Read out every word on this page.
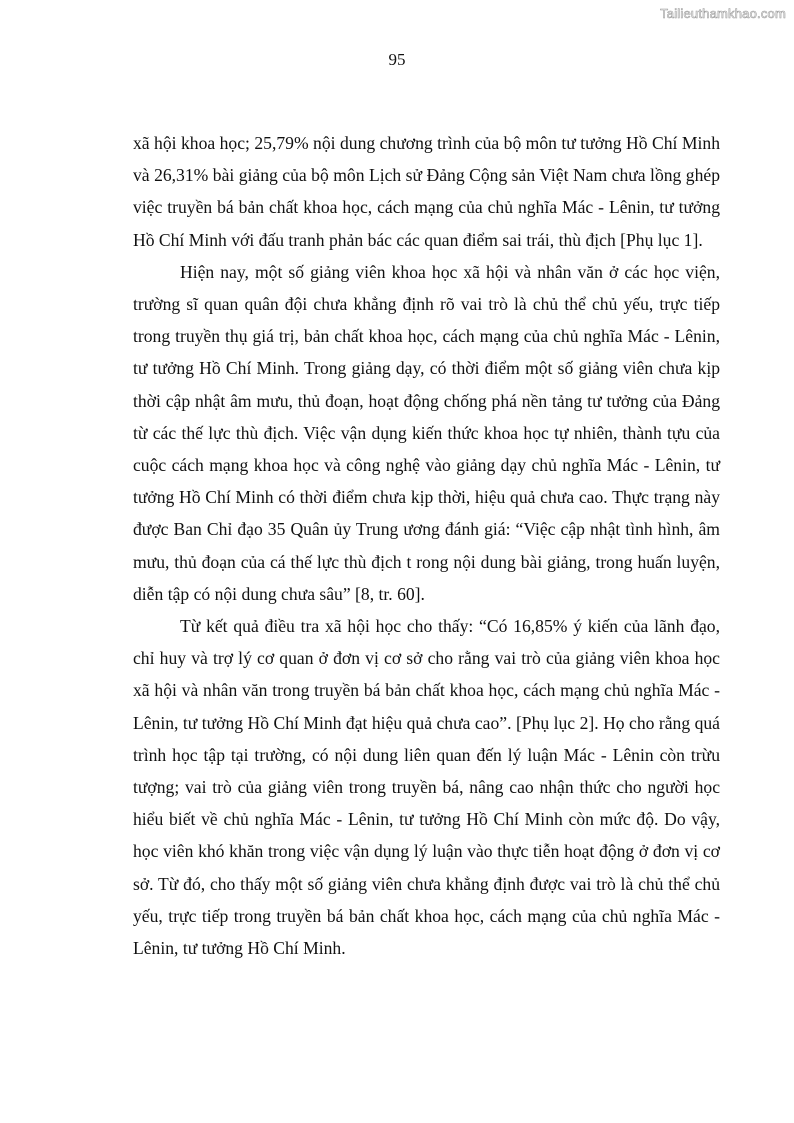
Tailieuthamkhao.com
95

xã hội khoa học; 25,79% nội dung chương trình của bộ môn tư tưởng Hồ Chí Minh và 26,31% bài giảng của bộ môn Lịch sử Đảng Cộng sản Việt Nam chưa lồng ghép việc truyền bá bản chất khoa học, cách mạng của chủ nghĩa Mác - Lênin, tư tưởng Hồ Chí Minh với đấu tranh phản bác các quan điểm sai trái, thù địch [Phụ lục 1].

Hiện nay, một số giảng viên khoa học xã hội và nhân văn ở các học viện, trường sĩ quan quân đội chưa khẳng định rõ vai trò là chủ thể chủ yếu, trực tiếp trong truyền thụ giá trị, bản chất khoa học, cách mạng của chủ nghĩa Mác - Lênin, tư tưởng Hồ Chí Minh. Trong giảng dạy, có thời điểm một số giảng viên chưa kịp thời cập nhật âm mưu, thủ đoạn, hoạt động chống phá nền tảng tư tưởng của Đảng từ các thế lực thù địch. Việc vận dụng kiến thức khoa học tự nhiên, thành tựu của cuộc cách mạng khoa học và công nghệ vào giảng dạy chủ nghĩa Mác - Lênin, tư tưởng Hồ Chí Minh có thời điểm chưa kịp thời, hiệu quả chưa cao. Thực trạng này được Ban Chỉ đạo 35 Quân ủy Trung ương đánh giá: “Việc cập nhật tình hình, âm mưu, thủ đoạn của cá thế lực thù địch t rong nội dung bài giảng, trong huấn luyện, diễn tập có nội dung chưa sâu” [8, tr. 60].

Từ kết quả điều tra xã hội học cho thấy: “Có 16,85% ý kiến của lãnh đạo, chỉ huy và trợ lý cơ quan ở đơn vị cơ sở cho rằng vai trò của giảng viên khoa học xã hội và nhân văn trong truyền bá bản chất khoa học, cách mạng chủ nghĩa Mác - Lênin, tư tưởng Hồ Chí Minh đạt hiệu quả chưa cao”. [Phụ lục 2]. Họ cho rằng quá trình học tập tại trường, có nội dung liên quan đến lý luận Mác - Lênin còn trừu tượng; vai trò của giảng viên trong truyền bá, nâng cao nhận thức cho người học hiểu biết về chủ nghĩa Mác - Lênin, tư tưởng Hồ Chí Minh còn mức độ. Do vậy, học viên khó khăn trong việc vận dụng lý luận vào thực tiễn hoạt động ở đơn vị cơ sở. Từ đó, cho thấy một số giảng viên chưa khẳng định được vai trò là chủ thể chủ yếu, trực tiếp trong truyền bá bản chất khoa học, cách mạng của chủ nghĩa Mác - Lênin, tư tưởng Hồ Chí Minh.
